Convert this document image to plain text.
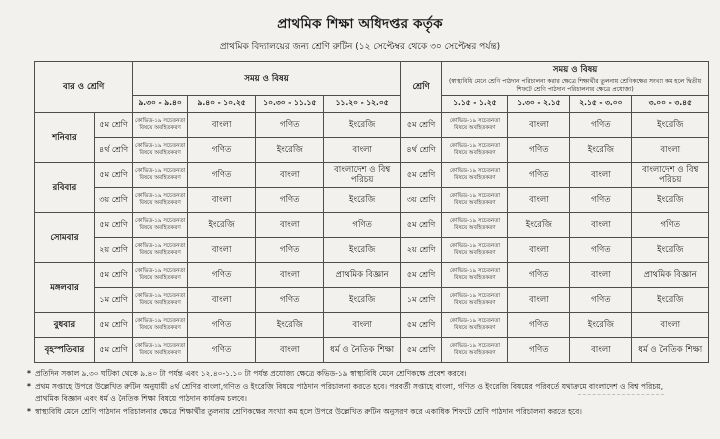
প্রাথমিক শিক্ষা অধিদপ্তর কর্তৃক
প্রাথমিক বিদ্যালয়ের জন্য শ্রেণি রুটিন (১২ সেপ্টেম্বর থেকে ৩০ সেপ্টেম্বর পর্যন্ত)
বার ও শ্রেণি		সময় ও বিষয়				শ্রেণি	সময় ও বিষয়
(স্বাস্থ্যবিধি মেনে শ্রেণি পাঠদান পরিচালনা করার ক্ষেত্রে শিক্ষার্থীর তুলনায় শ্রেণিকক্ষের সংখ্যা কম হলে দ্বিতীয় শিফটে শ্রেণি পাঠদান পরিচালনার ক্ষেত্রে প্রযোজ্য)			

		৯.৩০ - ৯.৪০	৯.৪০ - ১০.২৫	১০.৩০ - ১১.১৫	১১.২০ - ১২.০৫		১.১৫ - ১.২৫	১.৩০ - ২.১৫	২.১৫ - ৩.০০	৩.০০ - ৩.৪৫
শনিবার	৫ম শ্রেণি	কোভিড-১৯ সচেতনতা বিষয়ে অবহিতকরণ	বাংলা	গণিত	ইংরেজি	৫ম শ্রেণি	কোভিড-১৯ সচেতনতা বিষয়ে অবহিতকরণ	বাংলা	গণিত	ইংরেজি
	৪র্থ শ্রেণি	কোভিড-১৯ সচেতনতা বিষয়ে অবহিতকরণ	গণিত	ইংরেজি	বাংলা	৪র্থ শ্রেণি	কোভিড-১৯ সচেতনতা বিষয়ে অবহিতকরণ	গণিত	ইংরেজি	বাংলা
রবিবার	৫ম শ্রেণি	কোভিড-১৯ সচেতনতা বিষয়ে অবহিতকরণ	গণিত	বাংলা	বাংলাদেশ ও বিশ্ব পরিচয়	৫ম শ্রেণি	কোভিড-১৯ সচেতনতা বিষয়ে অবহিতকরণ	গণিত	বাংলা	বাংলাদেশ ও বিশ্ব পরিচয়
	৩য় শ্রেণি	কোভিড-১৯ সচেতনতা বিষয়ে অবহিতকরণ	বাংলা	গণিত	ইংরেজি	৩য় শ্রেণি	কোভিড-১৯ সচেতনতা বিষয়ে অবহিতকরণ	বাংলা	গণিত	ইংরেজি
সোমবার	৫ম শ্রেণি	কোভিড-১৯ সচেতনতা বিষয়ে অবহিতকরণ	ইংরেজি	বাংলা	গণিত	৫ম শ্রেণি	কোভিড-১৯ সচেতনতা বিষয়ে অবহিতকরণ	ইংরেজি	বাংলা	গণিত
	২য় শ্রেণি	কোভিড-১৯ সচেতনতা বিষয়ে অবহিতকরণ	বাংলা	গণিত	ইংরেজি	২য় শ্রেণি	কোভিড-১৯ সচেতনতা বিষয়ে অবহিতকরণ	বাংলা	গণিত	ইংরেজি
মঙ্গলবার	৫ম শ্রেণি	কোভিড-১৯ সচেতনতা বিষয়ে অবহিতকরণ	গণিত	বাংলা	প্রাথমিক বিজ্ঞান	৫ম শ্রেণি	কোভিড-১৯ সচেতনতা বিষয়ে অবহিতকরণ	গণিত	বাংলা	প্রাথমিক বিজ্ঞান
	১ম শ্রেণি	কোভিড-১৯ সচেতনতা বিষয়ে অবহিতকরণ	বাংলা	গণিত	ইংরেজি	১ম শ্রেণি	কোভিড-১৯ সচেতনতা বিষয়ে অবহিতকরণ	বাংলা	গণিত	ইংরেজি
বুধবার	৫ম শ্রেণি	কোভিড-১৯ সচেতনতা বিষয়ে অবহিতকরণ	গণিত	ইংরেজি	বাংলা	৫ম শ্রেণি	কোভিড-১৯ সচেতনতা বিষয়ে অবহিতকরণ	গণিত	ইংরেজি	বাংলা
বৃহস্পতিবার	৫ম শ্রেণি	কোভিড-১৯ সচেতনতা বিষয়ে অবহিতকরণ	গণিত	বাংলা	ধর্ম ও নৈতিক শিক্ষা	৫ম শ্রেণি	কোভিড-১৯ সচেতনতা বিষয়ে অবহিতকরণ	গণিত	বাংলা	ধর্ম ও নৈতিক শিক্ষা
* প্রতিদিন সকাল ৯.৩০ ঘটিকা থেকে ৯.৪০ টা পর্যন্ত এবং ১২.৪০-১.১০ টা পর্যন্ত প্রযোজ্য ক্ষেত্রে কভিড-১৯ স্বাস্থ্যবিধি মেনে শ্রেণিকক্ষে প্রবেশ করবে।
* প্রথম সপ্তাহে উপরে উল্লেখিত রুটিন অনুযায়ী ৪র্থ শ্রেণির বাংলা,গণিত ও ইংরেজি বিষয়ে পাঠদান পরিচালনা করতে হবে। পরবর্তী সপ্তাহে বাংলা, গণিত ও ইংরেজি বিষয়ের পরিবর্তে যথাক্রমে বাংলাদেশ ও বিশ্ব পরিচয়, প্রাথমিক বিজ্ঞান এবং ধর্ম ও নৈতিক শিক্ষা বিষয়ে পাঠদান কার্যক্রম চলবে।
* স্বাস্থ্যবিধি মেনে শ্রেণি পাঠদান পরিচালনার ক্ষেত্রে শিক্ষার্থীর তুলনায় শ্রেণিকক্ষের সংখ্যা কম হলে উপরে উল্লেখিত রুটিন অনুসরণ করে একাধিক শিফটে শ্রেণি পাঠদান পরিচালনা করতে হবে।
